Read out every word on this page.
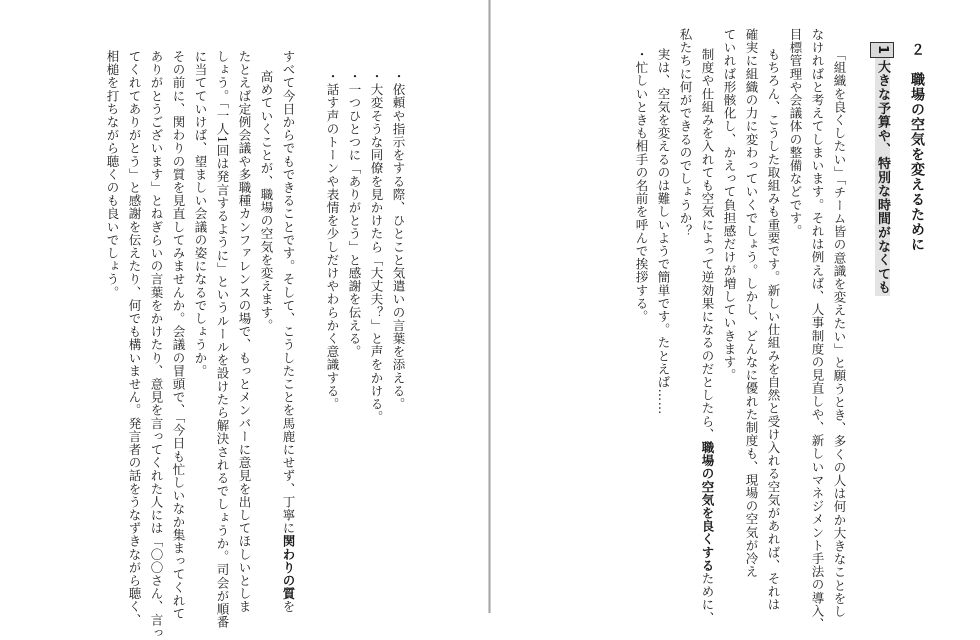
・依頼や指示をする際、ひとこと気遣いの言葉を添える。

・大変そうな同僚を見かけたら「大丈夫？」と声をかける。

・一つひとつに「ありがとう」と感謝を伝える。

・話す声のトーンや表情を少しだけやわらかく意識する。

すべて今日からでもできることです。そして、こうしたことを馬鹿にせず、丁寧に関わりの質を

高めていくことが、職場の空気を変えます。

たとえば定例会議や多職種カンファレンスの場で、もっとメンバーに意見を出してほしいとしま

しょう。「一人1回は発言するように」というルールを設けたら解決されるでしょうか。司会が順番

に当てていけば、望ましい会議の姿になるでしょうか。

その前に、関わりの質を見直してみませんか。会議の冒頭で、「今日も忙しいなか集まってくれて

ありがとうございます」とねぎらいの言葉をかけたり、意見を言ってくれた人には「〇〇さん、言っ

てくれてありがとう」と感謝を伝えたり、何でも構いません。発言者の話をうなずきながら聴く、

相槌を打ちながら聴くのも良いでしょう。	２　職場の空気を変えるために

1大きな予算や、特別な時間がなくても

「組織を良くしたい」「チーム皆の意識を変えたい」と願うとき、多くの人は何か大きなことをし

なければと考えてしまいます。それは例えば、人事制度の見直しや、新しいマネジメント手法の導入、

目標管理や会議体の整備などです。

もちろん、こうした取組みも重要です。新しい仕組みを自然と受け入れる空気があれば、それは

確実に組織の力に変わっていくでしょう。しかし、どんなに優れた制度も、現場の空気が冷え

ていれば形骸化し、かえって負担感だけが増していきます。

制度や仕組みを入れても空気によって逆効果になるのだとしたら、職場の空気を良くするために、

私たちに何ができるのでしょうか？

実は、空気を変えるのは難しいようで簡単です。たとえば……

・忙しいときも相手の名前を呼んで挨拶する。
